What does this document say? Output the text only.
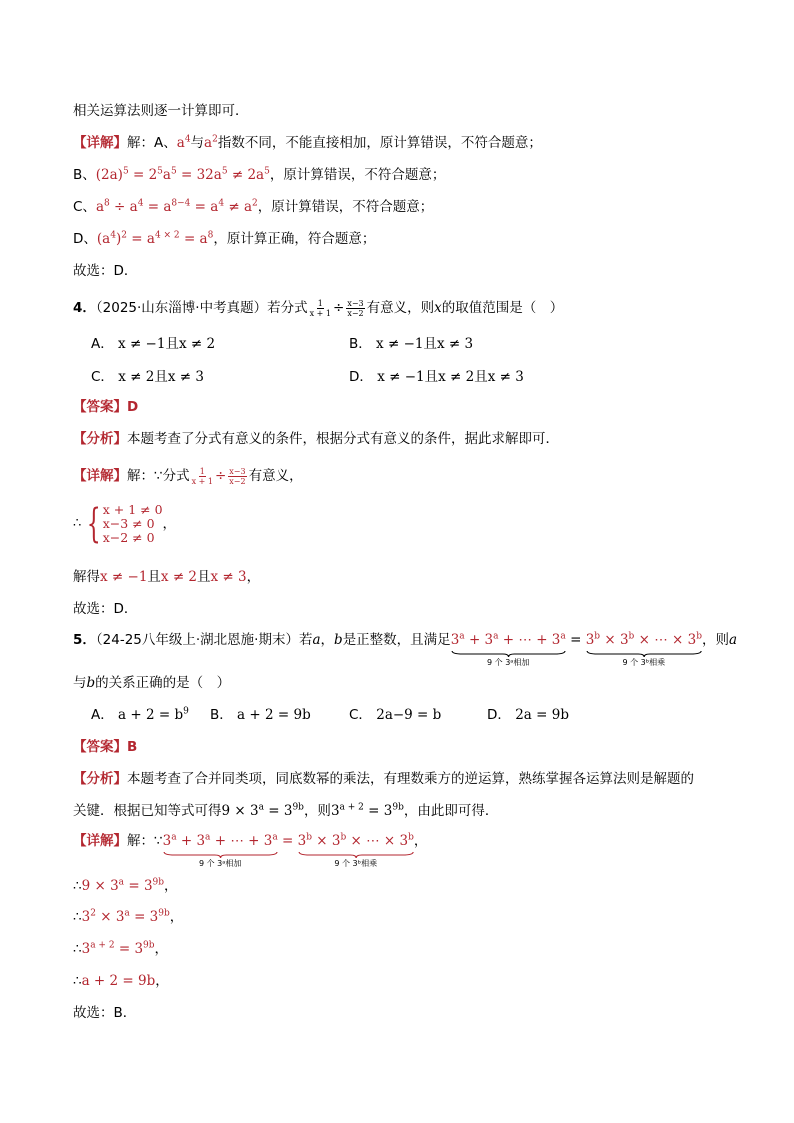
相关运算法则逐一计算即可．
【详解】解：A、$a^4$与$a^2$指数不同，不能直接相加，原计算错误，不符合题意；
B、$(2a)^5 = 2^5a^5 = 32a^5 \ne 2a^5$，原计算错误，不符合题意；
C、$a^8 \div a^4 = a^{8-4} = a^4 \ne a^2$，原计算错误，不符合题意；
D、$(a^4)^2 = a^{4 \times 2} = a^8$，原计算正确，符合题意；
故选：D．
4．（2025·山东淄博·中考真题）若分式 $\frac{1}{x + 1} \div \frac{x-3}{x-2}$ 有意义，则x的取值范围是（　）
A． x ≠ −1且x ≠ 2	B． x ≠ −1且x ≠ 3
C． x ≠ 2且x ≠ 3	D． x ≠ −1且x ≠ 2且x ≠ 3
【答案】D
【分析】本题考查了分式有意义的条件，根据分式有意义的条件，据此求解即可．
【详解】解：∵分式 $\frac{1}{x + 1} \div \frac{x-3}{x-2}$ 有意义，
∴ { x + 1 ≠ 0
x−3 ≠ 0
x−2 ≠ 0
，
解得x ≠ −1且x ≠ 2且x ≠ 3，
故选：D．
5．（24-25八年级上·湖北恩施·期末）若a，b是正整数，且满足 $3^a + 3^a$ + ⋯ + $3^a$
9 个 3ᵃ相加
= $3^b \times 3^b$ × ⋯ × $3^b$
9 个 3ᵇ相乘
，则a
与b的关系正确的是（　）
A． $a + 2 = b^9$ B． a + 2 = 9b	C． 2a−9 = b	D． 2a = 9b
【答案】B
【分析】本题考查了合并同类项，同底数幂的乘法，有理数乘方的逆运算，熟练掌握各运算法则是解题的
关键．根据已知等式可得$9 \times 3^a = 3^{9b}$，则$3^{a + 2} = 3^{9b}$，由此即可得．
【详解】解：∵ $3^a + 3^a$ + ⋯ + $3^a$
9 个 3ᵃ相加
= $3^b \times 3^b$ × ⋯ × $3^b$
9 个 3ᵇ相乘
，
∴9 × $3^a = 3^{9b}$，
$\therefore 3^2 \times 3^a = 3^{9b}$，
$\therefore 3^{a + 2} = 3^{9b}$，
∴a + 2 = 9b，
故选：B．
